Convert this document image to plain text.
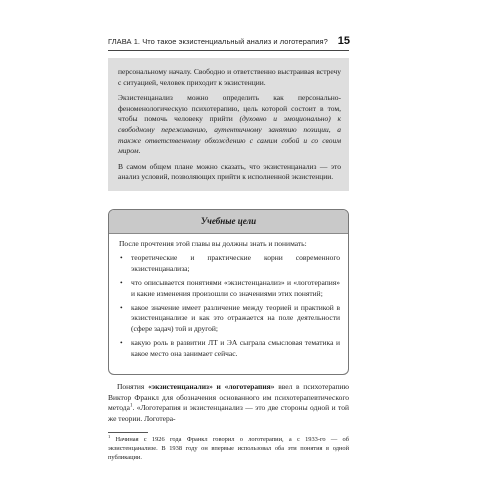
ГЛАВА 1. Что такое экзистенциальный анализ и логотерапия? 15

персональному началу. Свободно и ответственно выстраивая встречу с ситуацией, человек приходит к экзистенции.

Экзистенцанализ можно определить как персонально-феноменологическую психотерапию, цель которой состоит в том, чтобы помочь человеку прийти (духовно и эмоционально) к свободному переживанию, аутентичному занятию позиции, а также ответственному обхождению с самим собой и со своим миром.

В самом общем плане можно сказать, что экзистенцанализ — это анализ условий, позволяющих прийти к исполненной экзистенции.

Учебные цели

После прочтения этой главы вы должны знать и понимать:

• теоретические и практические корни современного экзистенцанализа;
• что описывается понятиями «экзистенцанализ» и «логотерапия» и какие изменения произошли со значениями этих понятий;
• какое значение имеет различение между теорией и практикой в экзистенцанализе и как это отражается на поле деятельности (сфере задач) той и другой;
• какую роль в развитии ЛТ и ЭА сыграла смысловая тематика и какое место она занимает сейчас.

Понятия «экзистенцанализ» и «логотерапия» ввел в психотерапию Виктор Франкл для обозначения основанного им психотерапевтического метода$^1$. «Логотерапия и экзистенцанализ — это две стороны одной и той же теории. Логотера-

$^1$ Начиная с 1926 года Франкл говорил о логотерапии, а с 1933-го — об экзистенцанализе. В 1938 году он впервые использовал оба эти понятия в одной публикации.
